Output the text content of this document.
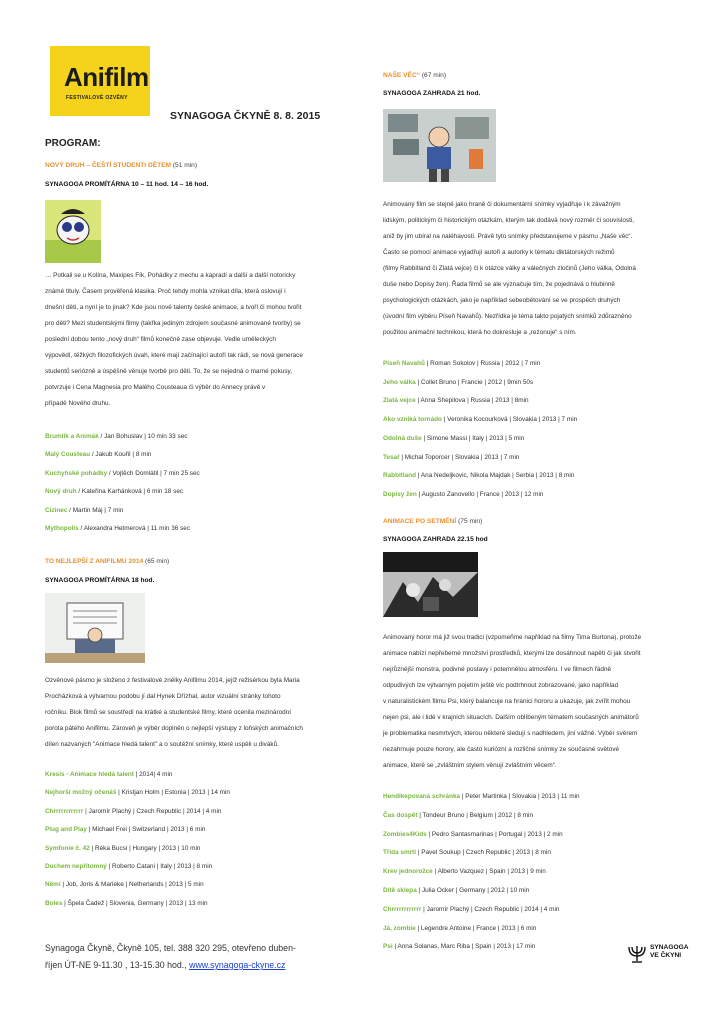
Anifilm
FESTIVALOVÉ OZVĚNY
SYNAGOGA ČKYNĚ 8. 8. 2015
PROGRAM:
NOVÝ DRUH – ČEŠTÍ STUDENTI DĚTEM (51 min)
SYNAGOGA PROMÍTÁRNA 10 – 11 hod. 14 – 16 hod.
… Potkali se u Kolína, Maxipes Fík, Pohádky z mechu a kapradí a další a další notoricky
známé tituly. Časem prověřená klasika. Proč tehdy mohla vznikat díla, která oslovují i
dnešní děti, a nyní je to jinak? Kde jsou nové talenty české animace, a tvoří či mohou tvořit
pro děti? Mezi studentskými filmy (takřka jediným zdrojem současné animované tvorby) se
poslední dobou tento „nový druh“ filmů konečně zase objevuje. Vedle uměleckých
výpovědí, těžkých filozofických úvah, které mají začínající autoři tak rádi, se nová generace
studentů seriózně a úspěšně věnuje tvorbě pro děti. To, že se nejedná o marné pokusy,
potvrzuje i Cena Magnesia pro Malého Cousteaua či výběr do Annecy právě v
případě Nového druhu.
Brumlík a Animák / Jan Bohuslav | 10 min 33 sec
Malý Cousteau / Jakub Kouřil | 8 min
Kuchyňské pohádky / Vojtěch Domlátil | 7 min 25 sec
Nový druh / Kateřina Karhánková | 6 min 18 sec
Cizinec / Martin Máj | 7 min
Mythopolis / Alexandra Hetmerová | 11 min 36 sec
TO NEJLEPŠÍ Z ANIFILMU 2014 (65 min)
SYNAGOGA PROMÍTÁRNA 18 hod.
Ozvěnové pásmo je složeno z festivalové znělky Anifilmu 2014, jejíž režisérkou byla Maria
Procházková a výtvarnou podobu jí dal Hynek Dřízhal, autor vizuální stránky tohoto
ročníku. Blok filmů se soustředí na krátké a studentské filmy, které ocenila mezinárodní
porota pátého Anifilmu. Zároveň je výběr doplněn o nejlepší výstupy z loňských animačních
dílen nazvaných "Animace hledá talent" a o soutěžní snímky, které uspěli u diváků.
Kresis - Animace hledá talent | 2014| 4 min
Nejhorší možný očenáš | Kristjan Holm | Estonia | 2013 | 14 min
Chrrrrrrrrrrrr | Jaromír Plachý | Czech Republic | 2014 | 4 min
Plug and Play | Michael Frei | Switzerland | 2013 | 6 min
Symfonie č. 42 | Réka Bucsi | Hungary | 2013 | 10 min
Duchem nepřítomný | Roberto Catani | Italy | 2013 | 8 min
Němí | Job, Joris & Marieke | Netherlands | 2013 | 5 min
Boles | Špela Čadež | Slovenia, Germany | 2013 | 13 min
NAŠE VĚC“ (67 min)
SYNAGOGA ZAHRADA 21 hod.
Animovaný film se stejně jako hraně či dokumentární snímky vyjadřuje i k závažným
lidským, politickým či historickým otázkám, kterým tak dodává nový rozměr či souvislosti,
aniž by jim ubíral na naléhavosti. Právě tyto snímky představujeme v pásmu „Naše věc“.
Často se pomocí animace vyjadřují autoři a autorky k tématu diktátorských režimů
(filmy Rabbitland či Zlatá vejce) či k otázce války a válečných zločinů (Jeho válka, Odolná
duše nebo Dopisy žen). Řada filmů se ale vyznačuje tím, že pojednává o hlubinně
psychologických otázkách, jako je například sebeobětování se ve prospěch druhých
(úvodní film výběru Píseň Navahů). Nezřídka je téma takto pojatých snímků zdůrazněno
použitou animační technikou, která ho dokresluje a „rezonuje“ s ním.
Píseň Navahů | Roman Sokolov | Russia | 2012 | 7 min
Jeho válka | Collet Bruno | Francie | 2012 | 9min 50s
Zlatá vejce | Anna Shepilova | Russia | 2013 | 8min
Ako vzniká tornádo | Veronika Kocourková | Slovakia | 2013 | 7 min
Odolná duše | Simone Massi | Italy | 2013 | 5 min
Tesař | Michal Toporcer | Slovakia | 2013 | 7 min
Rabbitland | Ana Nedeljkovic, Nikola Majdak | Serbia | 2013 | 8 min
Dopisy žen | Augusto Zanovello | France | 2013 | 12 min
ANIMACE PO SETMĚNÍ (75 min)
SYNAGOGA ZAHRADA 22.15 hod
Animovaný horor má již svou tradici (vzpomeňme například na filmy Tima Burtona), protože
animace nabízí nepřeberné množství prostředků, kterými lze dosáhnout napětí či jak stvořit
nejrůznější monstra, podivné postavy i potemnělou atmosféru. I ve filmech řádně
odpudivých lze výtvarným pojetím ještě víc podtrhnout zobrazované, jako například
v naturalistickém filmu Psi, který balancuje na hranici hororu a ukazuje, jak zvířit mohou
nejen psi, ale i lidé v krajních situacích. Dalším oblíbeným tématem současných animátorů
je problematika nesmrtvých, kterou některé sledují s nadhledem, jiní vážně. Výběr svěrem
nezahrnuje pouze horory, ale často kuriózní a rozličné snímky ze současné světové
animace, které se „zvláštním stylem věnují zvláštním věcem“.
Hendikepovaná schránka | Peter Martinka | Slovakia | 2013 | 11 min
Čas dospět | Tondeur Bruno | Belgium | 2012 | 8 min
Zombies4Kids | Pedro Santasmarinas | Portugal | 2013 | 2 min
Třída smrti | Pavel Soukup | Czech Republic | 2013 | 8 min
Krev jednorožce | Alberto Vazquez | Spain | 2013 | 9 min
Dítě sklepa | Julia Ocker | Germany | 2012 | 10 min
Chrrrrrrrrrrrr | Jaromír Plachý | Czech Republic | 2014 | 4 min
Já, zombie | Legendre Antoine | France | 2013 | 6 min
Psi | Anna Solanas, Marc Riba | Spain | 2013 | 17 min
Synagoga Čkyně, Čkyně 105, tel. 388 320 295, otevřeno duben-
říjen ÚT-NE 9-11.30 , 13-15.30 hod., www.synagoga-ckyne.cz
SYNAGOGA
VE ČKYNI
